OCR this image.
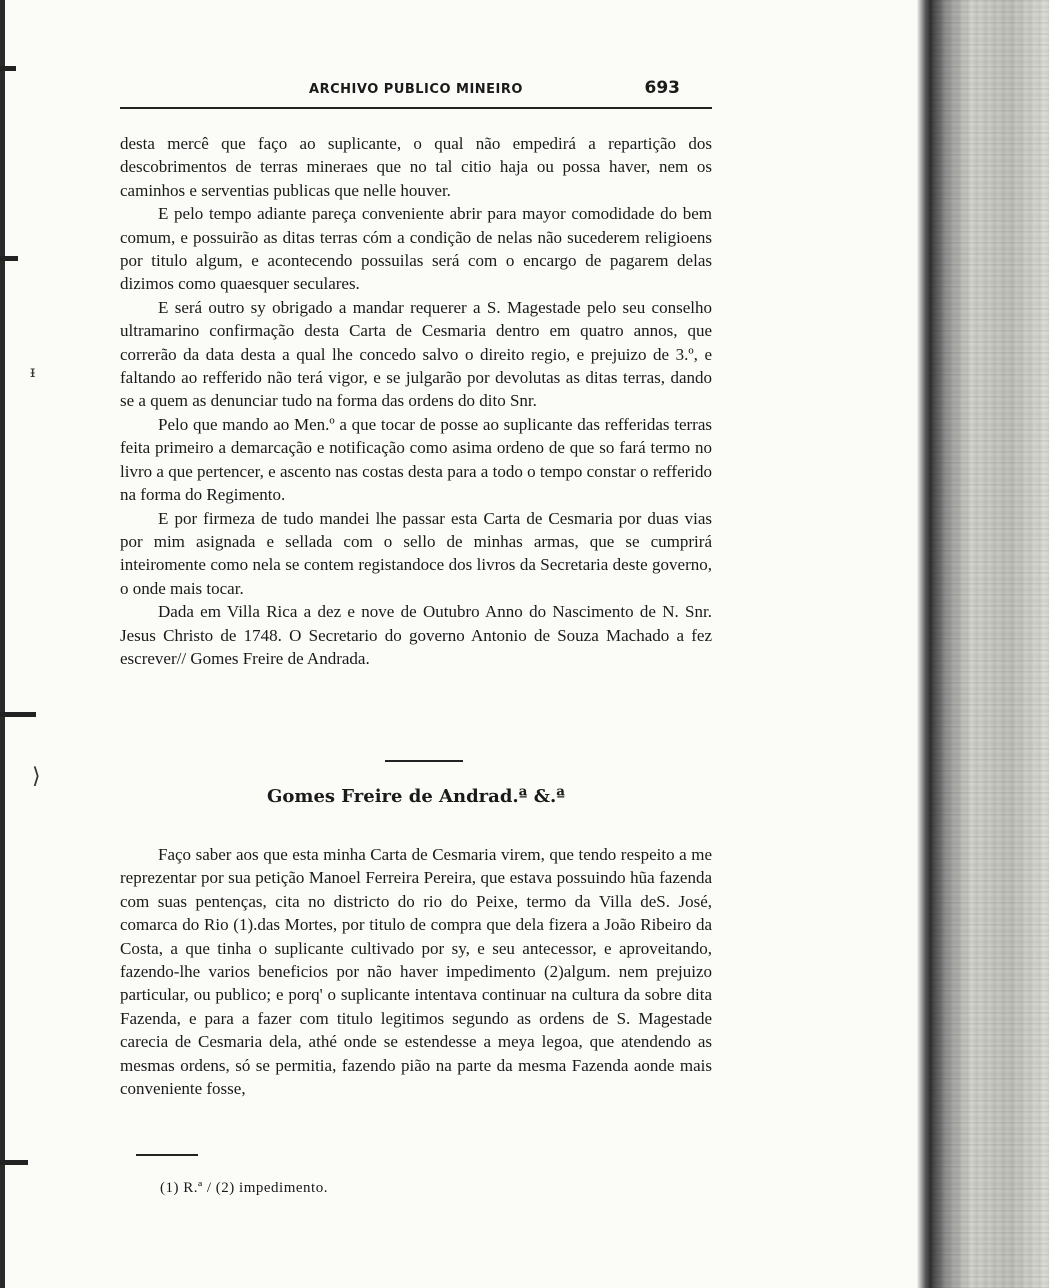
ᵻ
⟩
ARCHIVO PUBLICO MINEIRO	693

desta mercê que faço ao suplicante, o qual não empedirá a repartição dos descobrimentos de terras mineraes que no tal citio haja ou possa haver, nem os caminhos e serventias publicas que nelle houver.

E pelo tempo adiante pareça conveniente abrir para mayor comodidade do bem comum, e possuirão as ditas terras cóm a condição de nelas não sucederem religioens por titulo algum, e acontecendo possuilas será com o encargo de pagarem delas dizimos como quaesquer seculares.

E será outro sy obrigado a mandar requerer a S. Magestade pelo seu conselho ultramarino confirmação desta Carta de Cesmaria dentro em quatro annos, que correrão da data desta a qual lhe concedo salvo o direito regio, e prejuizo de 3.º, e faltando ao refferido não terá vigor, e se julgarão por devolutas as ditas terras, dando se a quem as denunciar tudo na forma das ordens do dito Snr.

Pelo que mando ao Men.º a que tocar de posse ao suplicante das refferidas terras feita primeiro a demarcação e notificação como asima ordeno de que so fará termo no livro a que pertencer, e ascento nas costas desta para a todo o tempo constar o refferido na forma do Regimento.

E por firmeza de tudo mandei lhe passar esta Carta de Cesmaria por duas vias por mim asignada e sellada com o sello de minhas armas, que se cumprirá inteiromente como nela se contem registandoce dos livros da Secretaria deste governo, o onde mais tocar.

Dada em Villa Rica a dez e nove de Outubro Anno do Nascimento de N. Snr. Jesus Christo de 1748. O Secretario do governo Antonio de Souza Machado a fez escrever// Gomes Freire de Andrada.

Gomes Freire de Andrad.ª &.ª

Faço saber aos que esta minha Carta de Cesmaria virem, que tendo respeito a me reprezentar por sua petição Manoel Ferreira Pereira, que estava possuindo hũa fazenda com suas pentenças, cita no districto do rio do Peixe, termo da Villa deS. José, comarca do Rio (1).das Mortes, por titulo de compra que dela fizera a João Ribeiro da Costa, a que tinha o suplicante cultivado por sy, e seu antecessor, e aproveitando, fazendo-lhe varios beneficios por não haver impedimento (2)algum. nem prejuizo particular, ou publico; e porq' o suplicante intentava continuar na cultura da sobre dita Fazenda, e para a fazer com titulo legitimos segundo as ordens de S. Magestade carecia de Cesmaria dela, athé onde se estendesse a meya legoa, que atendendo as mesmas ordens, só se permitia, fazendo pião na parte da mesma Fazenda aonde mais conveniente fosse,

(1) R.ª / (2) impedimento.
